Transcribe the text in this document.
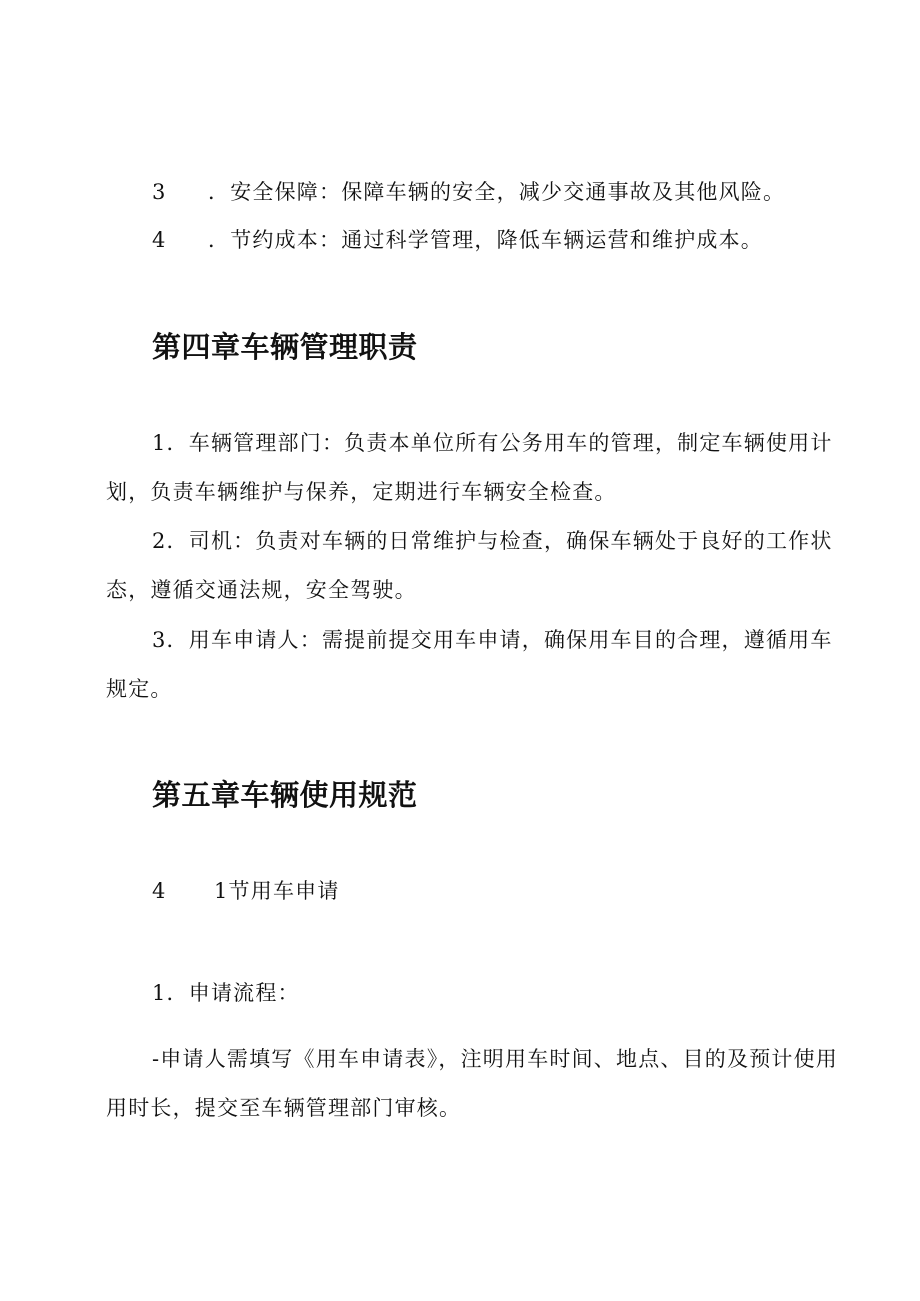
3 ．安全保障：保障车辆的安全，减少交通事故及其他风险。
4 ．节约成本：通过科学管理，降低车辆运营和维护成本。
第四章车辆管理职责
1．车辆管理部门：负责本单位所有公务用车的管理，制定车辆使用计
划，负责车辆维护与保养，定期进行车辆安全检查。
2．司机：负责对车辆的日常维护与检查，确保车辆处于良好的工作状
态，遵循交通法规，安全驾驶。
3．用车申请人：需提前提交用车申请，确保用车目的合理，遵循用车
规定。
第五章车辆使用规范
4 1节用车申请
1．申请流程：
-申请人需填写《用车申请表》，注明用车时间、地点、目的及预计使用
用时长，提交至车辆管理部门审核。
